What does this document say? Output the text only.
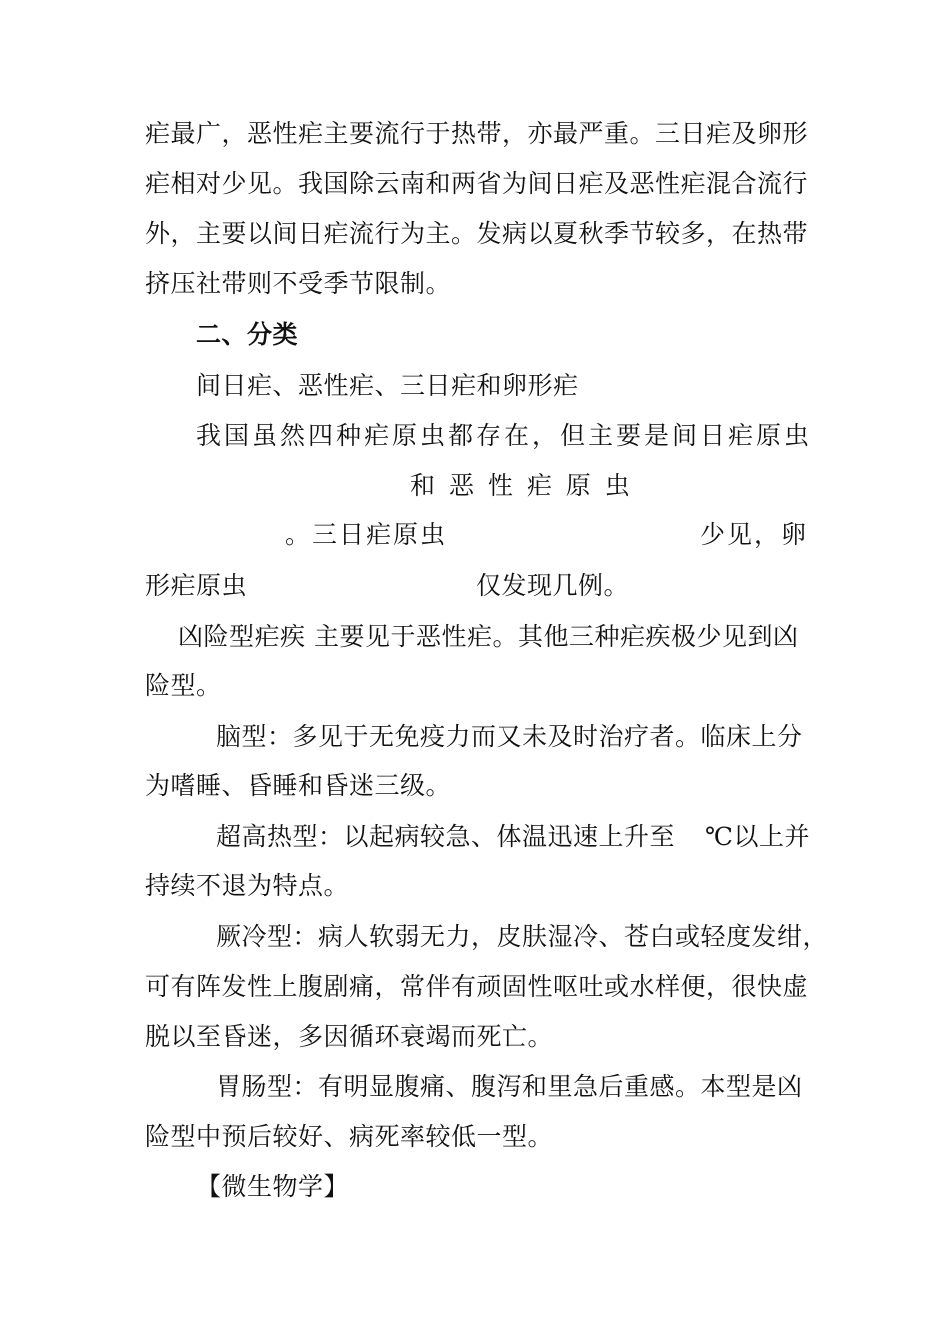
疟最广，恶性疟主要流行于热带，亦最严重。三日疟及卵形
疟相对少见。我国除云南和两省为间日疟及恶性疟混合流行
外，主要以间日疟流行为主。发病以夏秋季节较多，在热带
挤压社带则不受季节限制。
二、分类
间日疟、恶性疟、三日疟和卵形疟
我国虽然四种疟原虫都存在，但主要是间日疟原虫
和 恶 性 疟 原 虫
。三日疟原虫	少见，卵
形疟原虫	仅发现几例。
凶险型疟疾 主要见于恶性疟。其他三种疟疾极少见到凶
险型。
脑型：多见于无免疫力而又未及时治疗者。临床上分
为嗜睡、昏睡和昏迷三级。
超高热型：以起病较急、体温迅速上升至 ℃以上并
持续不退为特点。
厥冷型：病人软弱无力，皮肤湿冷、苍白或轻度发绀，
可有阵发性上腹剧痛，常伴有顽固性呕吐或水样便，很快虚
脱以至昏迷，多因循环衰竭而死亡。
胃肠型：有明显腹痛、腹泻和里急后重感。本型是凶
险型中预后较好、病死率较低一型。
【微生物学】
